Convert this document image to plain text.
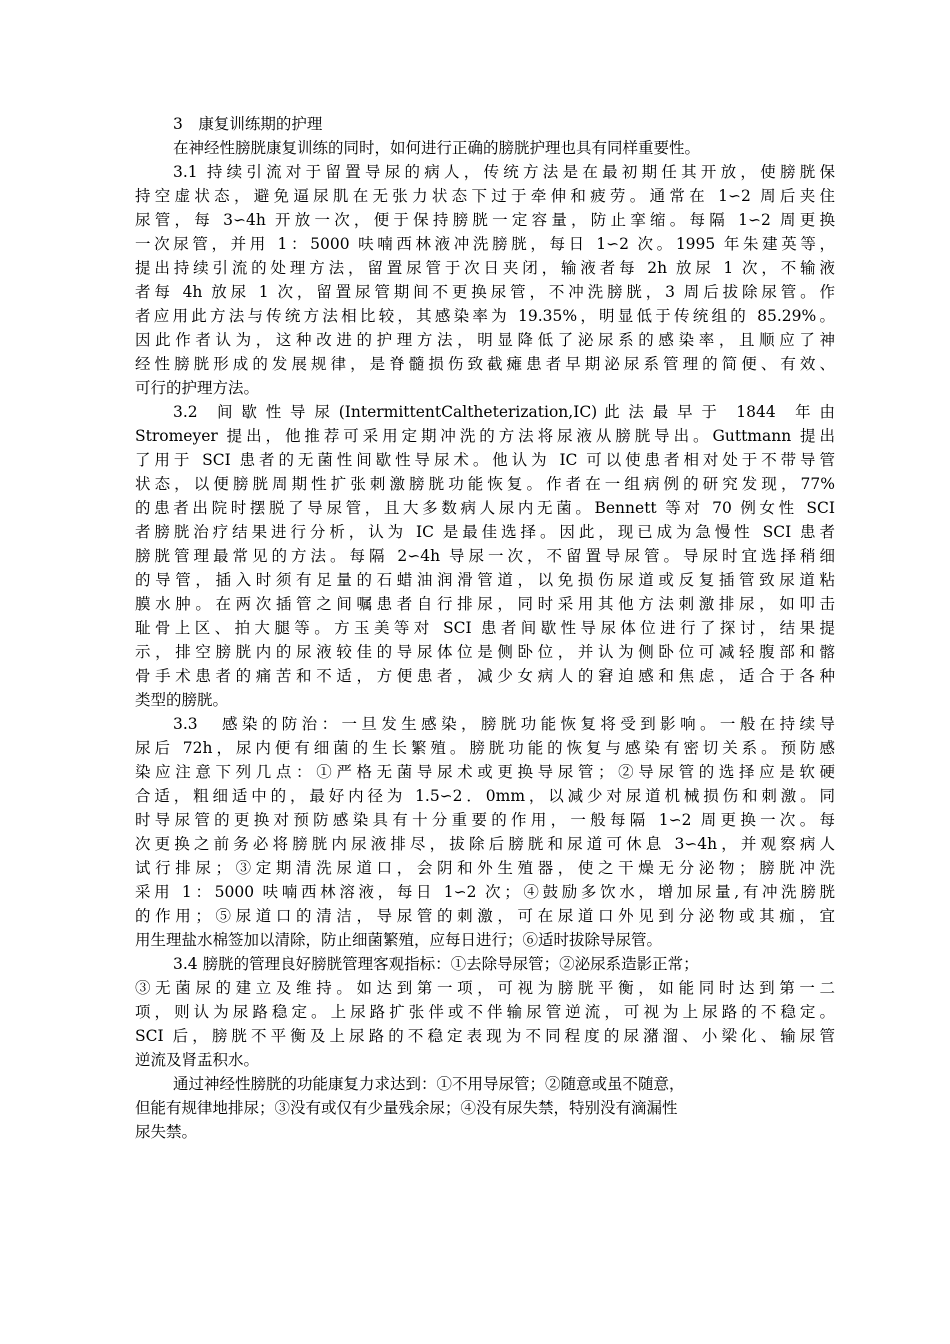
3　康复训练期的护理
在神经性膀胱康复训练的同时，如何进行正确的膀胱护理也具有同样重要性。
3.1 持续引流对于留置导尿的病人，传统方法是在最初期任其开放，使膀胱保
持空虚状态，避免逼尿肌在无张力状态下过于牵伸和疲劳。通常在 1∽2 周后夹住
尿管，每 3∽4h 开放一次，便于保持膀胱一定容量，防止挛缩。每隔 1∽2 周更换
一次尿管，并用 1：5000 呋喃西林液冲洗膀胱，每日 1∽2 次。1995 年朱建英等，
提出持续引流的处理方法，留置尿管于次日夹闭，输液者每 2h 放尿 1 次，不输液
者每 4h 放尿 1 次，留置尿管期间不更换尿管，不冲洗膀胱，3 周后拔除尿管。作
者应用此方法与传统方法相比较，其感染率为 19.35%，明显低于传统组的 85.29%。
因此作者认为，这种改进的护理方法，明显降低了泌尿系的感染率，且顺应了神
经性膀胱形成的发展规律，是脊髓损伤致截瘫患者早期泌尿系管理的简便、有效、
可行的护理方法。
3.2　间 歇 性 导 尿 (IntermittentCaltheterization,IC) 此 法 最 早 于　1844　年 由
Stromeyer 提出，他推荐可采用定期冲洗的方法将尿液从膀胱导出。Guttmann 提出
了用于 SCI 患者的无菌性间歇性导尿术。他认为 IC 可以使患者相对处于不带导管
状态，以便膀胱周期性扩张刺激膀胱功能恢复。作者在一组病例的研究发现，77%
的患者出院时摆脱了导尿管，且大多数病人尿内无菌。Bennett 等对 70 例女性 SCI
者膀胱治疗结果进行分析，认为 IC 是最佳选择。因此，现已成为急慢性 SCI 患者
膀胱管理最常见的方法。每隔 2∽4h 导尿一次，不留置导尿管。导尿时宜选择稍细
的导管，插入时须有足量的石蜡油润滑管道，以免损伤尿道或反复插管致尿道粘
膜水肿。在两次插管之间嘱患者自行排尿，同时采用其他方法刺激排尿，如叩击
耻骨上区、拍大腿等。方玉美等对 SCI 患者间歇性导尿体位进行了探讨，结果提
示，排空膀胱内的尿液较佳的导尿体位是侧卧位，并认为侧卧位可减轻腹部和髂
骨手术患者的痛苦和不适，方便患者，减少女病人的窘迫感和焦虑，适合于各种
类型的膀胱。
3.3　感染的防治：一旦发生感染，膀胱功能恢复将受到影响。一般在持续导
尿后 72h，尿内便有细菌的生长繁殖。膀胱功能的恢复与感染有密切关系。预防感
染应注意下列几点：①严格无菌导尿术或更换导尿管；②导尿管的选择应是软硬
合适，粗细适中的，最好内径为 1.5∽2．0mm，以减少对尿道机械损伤和刺激。同
时导尿管的更换对预防感染具有十分重要的作用，一般每隔 1∽2 周更换一次。每
次更换之前务必将膀胱内尿液排尽，拔除后膀胱和尿道可休息 3∽4h，并观察病人
试行排尿；③定期清洗尿道口，会阴和外生殖器，使之干燥无分泌物；膀胱冲洗
采用 1：5000 呋喃西林溶液，每日 1∽2 次；④鼓励多饮水，增加尿量,有冲洗膀胱
的作用；⑤尿道口的清洁，导尿管的刺激，可在尿道口外见到分泌物或其痂，宜
用生理盐水棉签加以清除，防止细菌繁殖，应每日进行；⑥适时拔除导尿管。
3.4 膀胱的管理良好膀胱管理客观指标：①去除导尿管；②泌尿系造影正常；
③无菌尿的建立及维持。如达到第一项，可视为膀胱平衡，如能同时达到第一二
项，则认为尿路稳定。上尿路扩张伴或不伴输尿管逆流，可视为上尿路的不稳定。
SCI 后，膀胱不平衡及上尿路的不稳定表现为不同程度的尿潴溜、小梁化、输尿管
逆流及肾盂积水。
通过神经性膀胱的功能康复力求达到：①不用导尿管；②随意或虽不随意，
但能有规律地排尿；③没有或仅有少量残余尿；④没有尿失禁，特别没有滴漏性
尿失禁。
